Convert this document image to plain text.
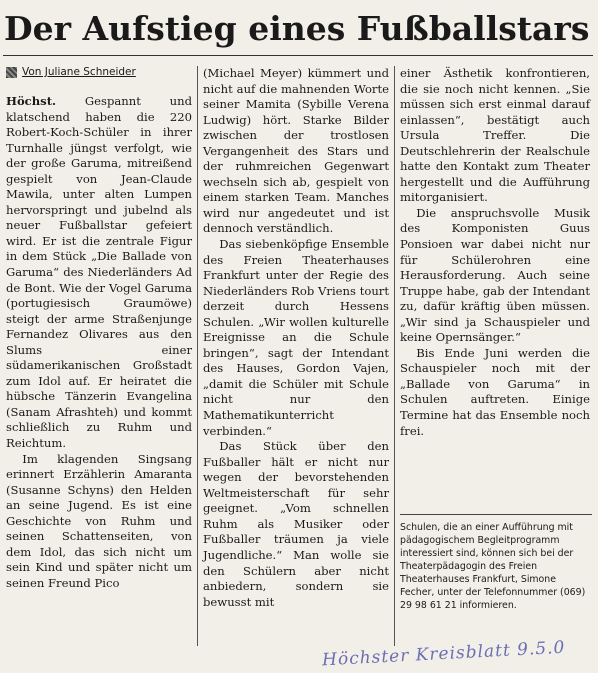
Der Aufstieg eines Fußballstars
Von Juliane Schneider

Höchst. Gespannt und klatschend haben die 220 Robert-Koch-Schüler in ihrer Turnhalle jüngst verfolgt, wie der große Garuma, mitreißend gespielt von Jean-Claude Mawila, unter alten Lumpen hervorspringt und jubelnd als neuer Fußballstar gefeiert wird. Er ist die zentrale Figur in dem Stück „Die Ballade von Garuma“ des Niederländers Ad de Bont. Wie der Vogel Garuma (portugiesisch Graumöwe) steigt der arme Straßenjunge Fernandez Olivares aus den Slums einer südamerikanischen Großstadt zum Idol auf. Er heiratet die hübsche Tänzerin Evangelina (Sanam Afrashteh) und kommt schließlich zu Ruhm und Reichtum.

Im klagenden Singsang erinnert Erzählerin Amaranta (Susanne Schyns) den Helden an seine Jugend. Es ist eine Geschichte von Ruhm und seinen Schattenseiten, von dem Idol, das sich nicht um sein Kind und später nicht um seinen Freund Pico

(Michael Meyer) kümmert und nicht auf die mahnenden Worte seiner Mamita (Sybille Verena Ludwig) hört. Starke Bilder zwischen der trostlosen Vergangenheit des Stars und der ruhmreichen Gegenwart wechseln sich ab, gespielt von einem starken Team. Manches wird nur angedeutet und ist dennoch verständlich.

Das siebenköpfige Ensemble des Freien Theaterhauses Frankfurt unter der Regie des Niederländers Rob Vriens tourt derzeit durch Hessens Schulen. „Wir wollen kulturelle Ereignisse an die Schule bringen“, sagt der Intendant des Hauses, Gordon Vajen, „damit die Schüler mit Schule nicht nur den Mathematikunterricht verbinden.“

Das Stück über den Fußballer hält er nicht nur wegen der bevorstehenden Weltmeisterschaft für sehr geeignet. „Vom schnellen Ruhm als Musiker oder Fußballer träumen ja viele Jugendliche.“ Man wolle sie den Schülern aber nicht anbiedern, sondern sie bewusst mit

einer Ästhetik konfrontieren, die sie noch nicht kennen. „Sie müssen sich erst einmal darauf einlassen“, bestätigt auch Ursula Treffer. Die Deutschlehrerin der Realschule hatte den Kontakt zum Theater hergestellt und die Aufführung mitorganisiert.

Die anspruchsvolle Musik des Komponisten Guus Ponsioen war dabei nicht nur für Schülerohren eine Herausforderung. Auch seine Truppe habe, gab der Intendant zu, dafür kräftig üben müssen. „Wir sind ja Schauspieler und keine Opernsänger.“

Bis Ende Juni werden die Schauspieler noch mit der „Ballade von Garuma“ in Schulen auftreten. Einige Termine hat das Ensemble noch frei.

Schulen, die an einer Aufführung mit pädagogischem Begleitprogramm interessiert sind, können sich bei der Theaterpädagogin des Freien Theaterhauses Frankfurt, Simone Fecher, unter der Telefonnummer (069) 29 98 61 21 informieren.
Höchster Kreisblatt 9.5.0
